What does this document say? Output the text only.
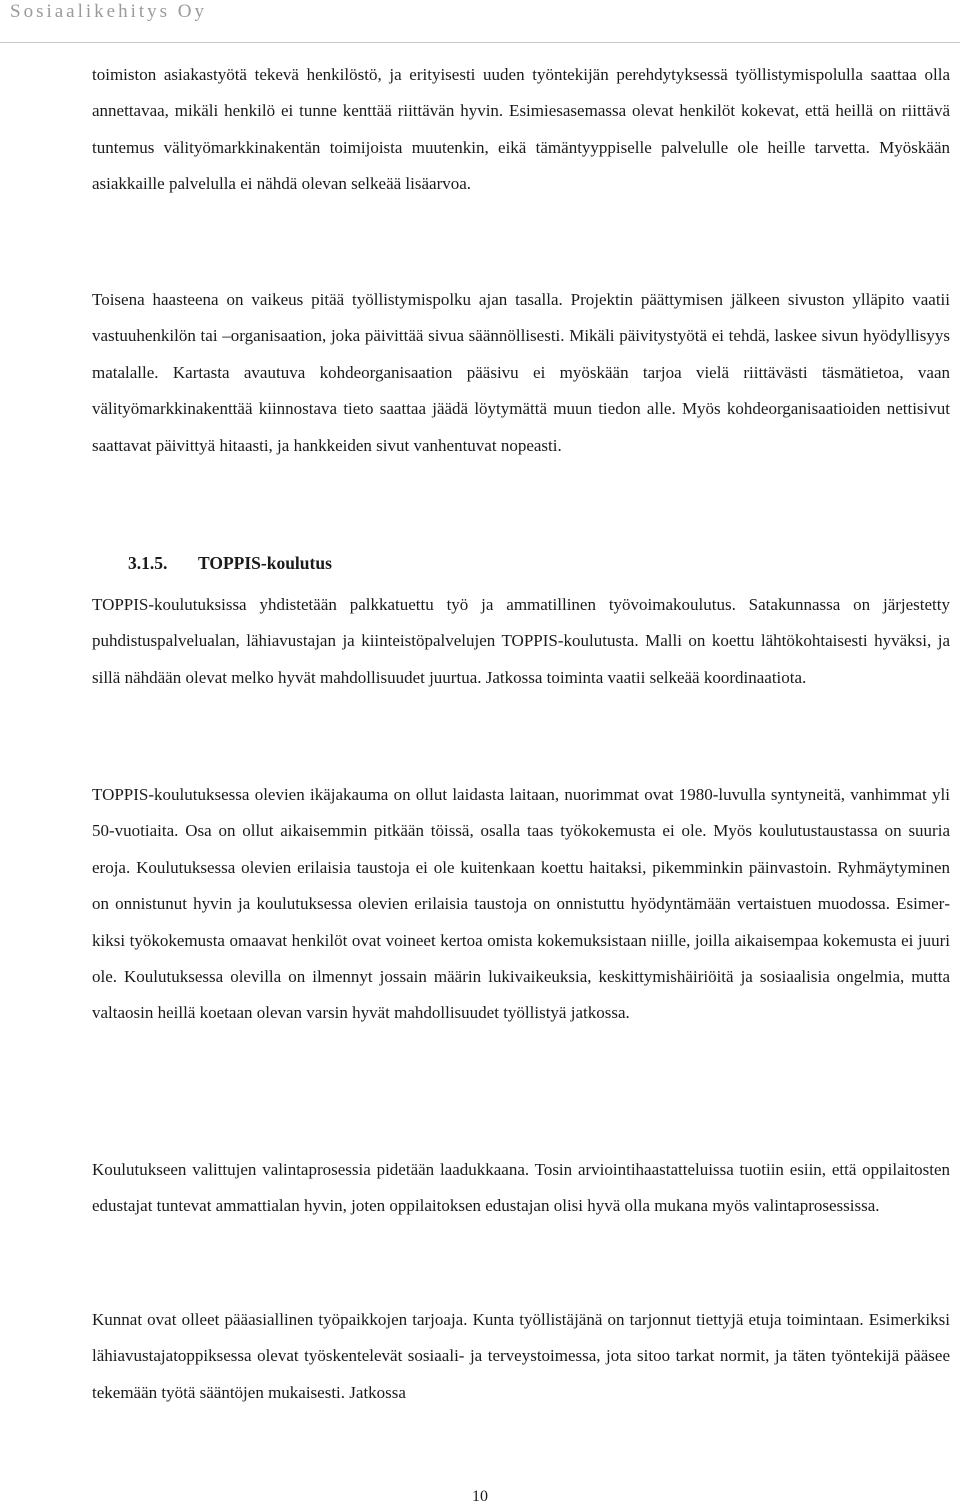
Sosiaalikehitys Oy

toimiston asiakastyötä tekevä henkilöstö, ja erityisesti uuden työntekijän perehdytyksessä työllistymispolulla saattaa olla annettavaa, mikäli henkilö ei tunne kenttää riittävän hyvin. Esimiesasemassa olevat henkilöt kokevat, että heillä on riittävä tuntemus välityömarkkinakentän toimijoista muutenkin, eikä tämäntyyppiselle palvelulle ole heille tarvetta. Myöskään asiakkaille palvelulla ei nähdä olevan selkeää lisäarvoa.

Toisena haasteena on vaikeus pitää työllistymispolku ajan tasalla. Projektin päättymisen jälkeen sivuston ylläpito vaatii vastuuhenkilön tai –organisaation, joka päivittää sivua säännöllisesti. Mikäli päivitystyötä ei tehdä, laskee sivun hyödyllisyys matalalle. Kartasta avautuva kohdeorganisaation pääsivu ei myöskään tarjoa vielä riittävästi täsmätietoa, vaan välityömarkkinakenttää kiinnostava tieto saattaa jäädä löytymättä muun tiedon alle. Myös kohdeorganisaatioiden nettisivut saattavat päivittyä hitaasti, ja hankkeiden sivut vanhentuvat nopeasti.

TOPPIS-koulutuksissa yhdistetään palkkatuettu työ ja ammatillinen työvoimakoulutus. Satakunnassa on järjestetty puhdistuspalvelualan, lähiavustajan ja kiinteistöpalvelujen TOPPIS-koulutusta. Malli on koettu lähtökohtaisesti hyväksi, ja sillä nähdään olevat melko hyvät mahdollisuudet juurtua. Jatkossa toiminta vaatii selkeää koordinaatiota.

TOPPIS-koulutuksessa olevien ikäjakauma on ollut laidasta laitaan, nuorimmat ovat 1980-luvulla syntyneitä, vanhimmat yli 50-vuotiaita. Osa on ollut aikaisemmin pitkään töissä, osalla taas työkokemusta ei ole. Myös koulutustaustassa on suuria eroja. Koulutuksessa olevien erilaisia taustoja ei ole kuitenkaan koettu haitaksi, pikemminkin päinvastoin. Ryhmäytyminen on onnistunut hyvin ja koulutuksessa olevien erilaisia taustoja on onnistuttu hyödyntämään vertaistuen muodossa. Esimerkiksi työkokemusta omaavat henkilöt ovat voineet kertoa omista kokemuksistaan niille, joilla aikaisempaa kokemusta ei juuri ole. Koulutuksessa olevilla on ilmennyt jossain määrin lukivaikeuksia, keskittymishäiriöitä ja sosiaalisia ongelmia, mutta valtaosin heillä koetaan olevan varsin hyvät mahdollisuudet työllistyä jatkossa.

Koulutukseen valittujen valintaprosessia pidetään laadukkaana. Tosin arviointihaastatteluissa tuotiin esiin, että oppilaitosten edustajat tuntevat ammattialan hyvin, joten oppilaitoksen edustajan olisi hyvä olla mukana myös valintaprosessissa.

Kunnat ovat olleet pääasiallinen työpaikkojen tarjoaja. Kunta työllistäjänä on tarjonnut tiettyjä etuja toimintaan. Esimerkiksi lähiavustajatoppiksessa olevat työskentelevät sosiaali- ja terveystoimessa, jota sitoo tarkat normit, ja täten työntekijä pääsee tekemään työtä sääntöjen mukaisesti. Jatkossa

3.1.5. TOPPIS-koulutus
10
